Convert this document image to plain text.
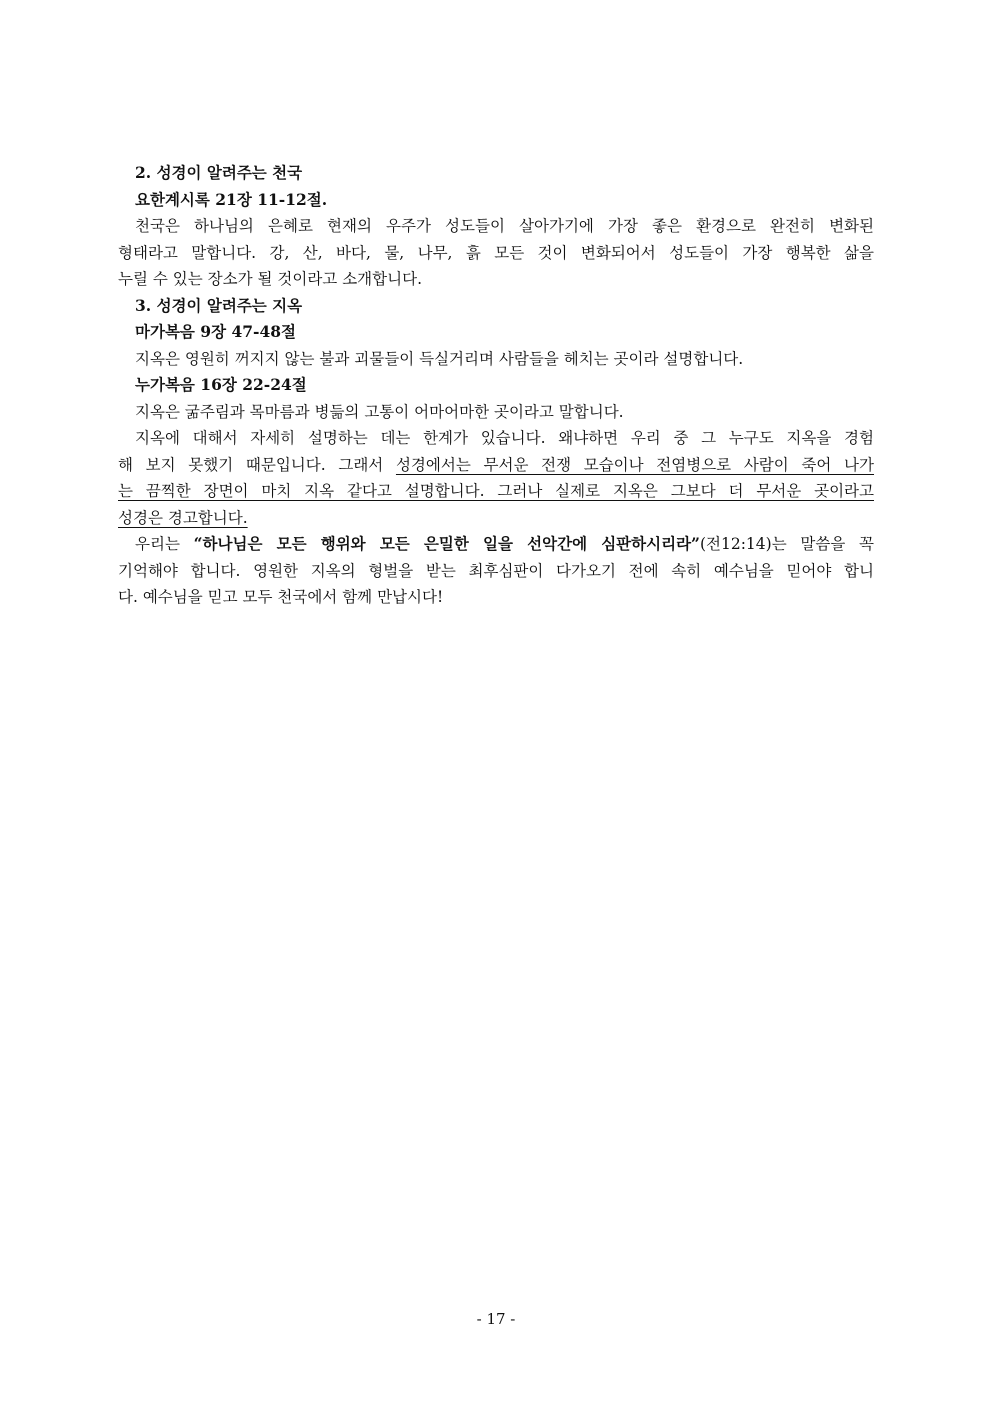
2. 성경이 알려주는 천국
요한계시록 21장 11-12절.
천국은 하나님의 은혜로 현재의 우주가 성도들이 살아가기에 가장 좋은 환경으로 완전히 변화된
형태라고 말합니다. 강, 산, 바다, 물, 나무, 흙 모든 것이 변화되어서 성도들이 가장 행복한 삶을
누릴 수 있는 장소가 될 것이라고 소개합니다.
3. 성경이 알려주는 지옥
마가복음 9장 47-48절
지옥은 영원히 꺼지지 않는 불과 괴물들이 득실거리며 사람들을 헤치는 곳이라 설명합니다.
누가복음 16장 22-24절
지옥은 굶주림과 목마름과 병듦의 고통이 어마어마한 곳이라고 말합니다.
지옥에 대해서 자세히 설명하는 데는 한계가 있습니다. 왜냐하면 우리 중 그 누구도 지옥을 경험
해 보지 못했기 때문입니다. 그래서 성경에서는 무서운 전쟁 모습이나 전염병으로 사람이 죽어 나가
는 끔찍한 장면이 마치 지옥 같다고 설명합니다. 그러나 실제로 지옥은 그보다 더 무서운 곳이라고
성경은 경고합니다.
우리는 “하나님은 모든 행위와 모든 은밀한 일을 선악간에 심판하시리라”(전12:14)는 말씀을 꼭
기억해야 합니다. 영원한 지옥의 형벌을 받는 최후심판이 다가오기 전에 속히 예수님을 믿어야 합니
다. 예수님을 믿고 모두 천국에서 함께 만납시다!
- 17 -
